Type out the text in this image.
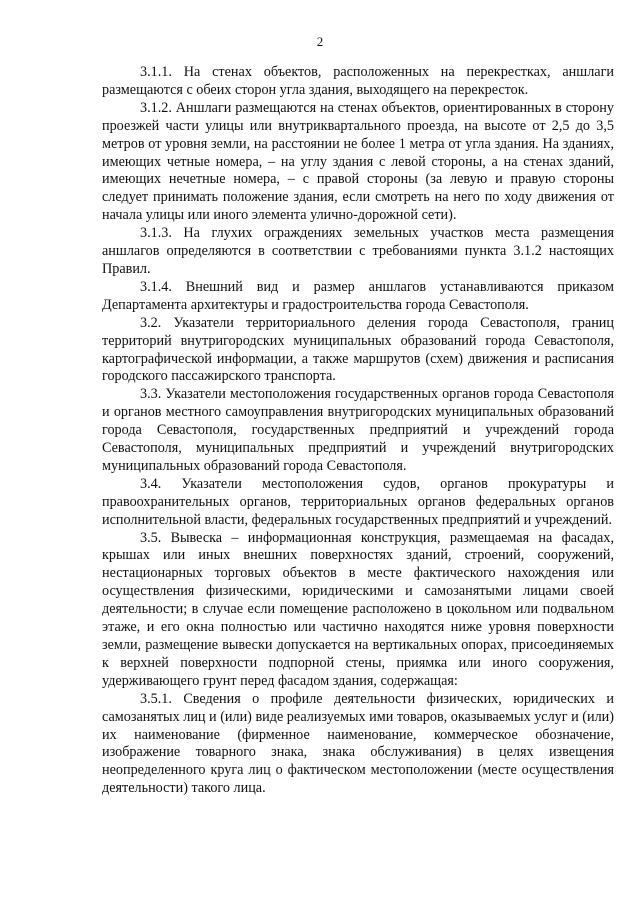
2

3.1.1. На стенах объектов, расположенных на перекрестках, аншлаги размещаются с обеих сторон угла здания, выходящего на перекресток.

3.1.2. Аншлаги размещаются на стенах объектов, ориентированных в сторону проезжей части улицы или внутриквартального проезда, на высоте от 2,5 до 3,5 метров от уровня земли, на расстоянии не более 1 метра от угла здания. На зданиях, имеющих четные номера, – на углу здания с левой стороны, а на стенах зданий, имеющих нечетные номера, – с правой стороны (за левую и правую стороны следует принимать положение здания, если смотреть на него по ходу движения от начала улицы или иного элемента улично-дорожной сети).

3.1.3. На глухих ограждениях земельных участков места размещения аншлагов определяются в соответствии с требованиями пункта 3.1.2 настоящих Правил.

3.1.4. Внешний вид и размер аншлагов устанавливаются приказом Департамента архитектуры и градостроительства города Севастополя.

3.2. Указатели территориального деления города Севастополя, границ территорий внутригородских муниципальных образований города Севастополя, картографической информации, а также маршрутов (схем) движения и расписания городского пассажирского транспорта.

3.3. Указатели местоположения государственных органов города Севастополя и органов местного самоуправления внутригородских муниципальных образований города Севастополя, государственных предприятий и учреждений города Севастополя, муниципальных предприятий и учреждений внутригородских муниципальных образований города Севастополя.

3.4. Указатели местоположения судов, органов прокуратуры и правоохранительных органов, территориальных органов федеральных органов исполнительной власти, федеральных государственных предприятий и учреждений.

3.5. Вывеска – информационная конструкция, размещаемая на фасадах, крышах или иных внешних поверхностях зданий, строений, сооружений, нестационарных торговых объектов в месте фактического нахождения или осуществления физическими, юридическими и самозанятыми лицами своей деятельности; в случае если помещение расположено в цокольном или подвальном этаже, и его окна полностью или частично находятся ниже уровня поверхности земли, размещение вывески допускается на вертикальных опорах, присоединяемых к верхней поверхности подпорной стены, приямка или иного сооружения, удерживающего грунт перед фасадом здания, содержащая:

3.5.1. Сведения о профиле деятельности физических, юридических и самозанятых лиц и (или) виде реализуемых ими товаров, оказываемых услуг и (или) их наименование (фирменное наименование, коммерческое обозначение, изображение товарного знака, знака обслуживания) в целях извещения неопределенного круга лиц о фактическом местоположении (месте осуществления деятельности) такого лица.
